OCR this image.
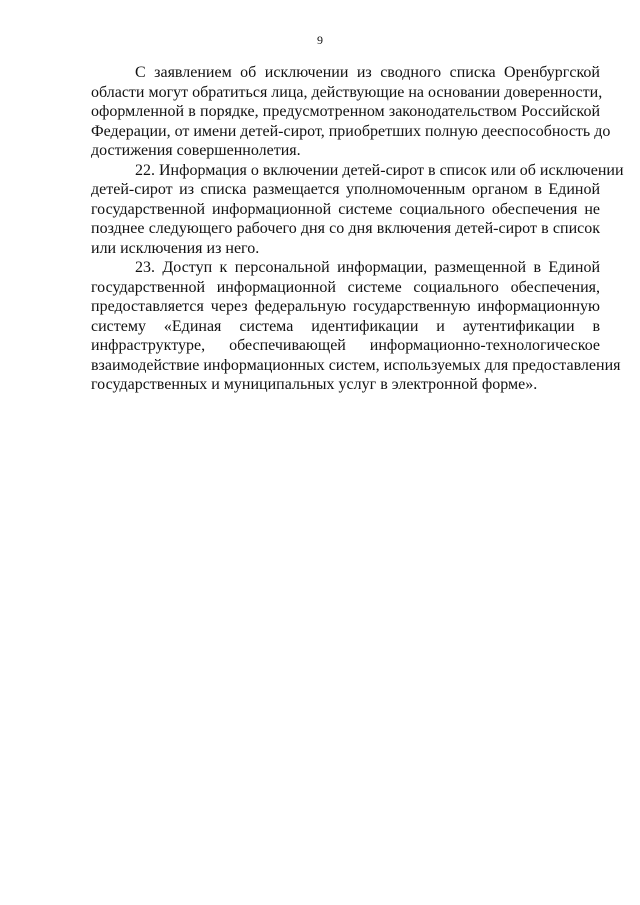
9
С заявлением об исключении из сводного списка Оренбургской
области могут обратиться лица, действующие на основании доверенности,
оформленной в порядке, предусмотренном законодательством Российской
Федерации, от имени детей-сирот, приобретших полную дееспособность до
достижения совершеннолетия.
22. Информация о включении детей-сирот в список или об исключении
детей-сирот из списка размещается уполномоченным органом в Единой
государственной информационной системе социального обеспечения не
позднее следующего рабочего дня со дня включения детей-сирот в список
или исключения из него.
23. Доступ к персональной информации, размещенной в Единой
государственной информационной системе социального обеспечения,
предоставляется через федеральную государственную информационную
систему «Единая система идентификации и аутентификации в
инфраструктуре, обеспечивающей информационно-технологическое
взаимодействие информационных систем, используемых для предоставления
государственных и муниципальных услуг в электронной форме».
